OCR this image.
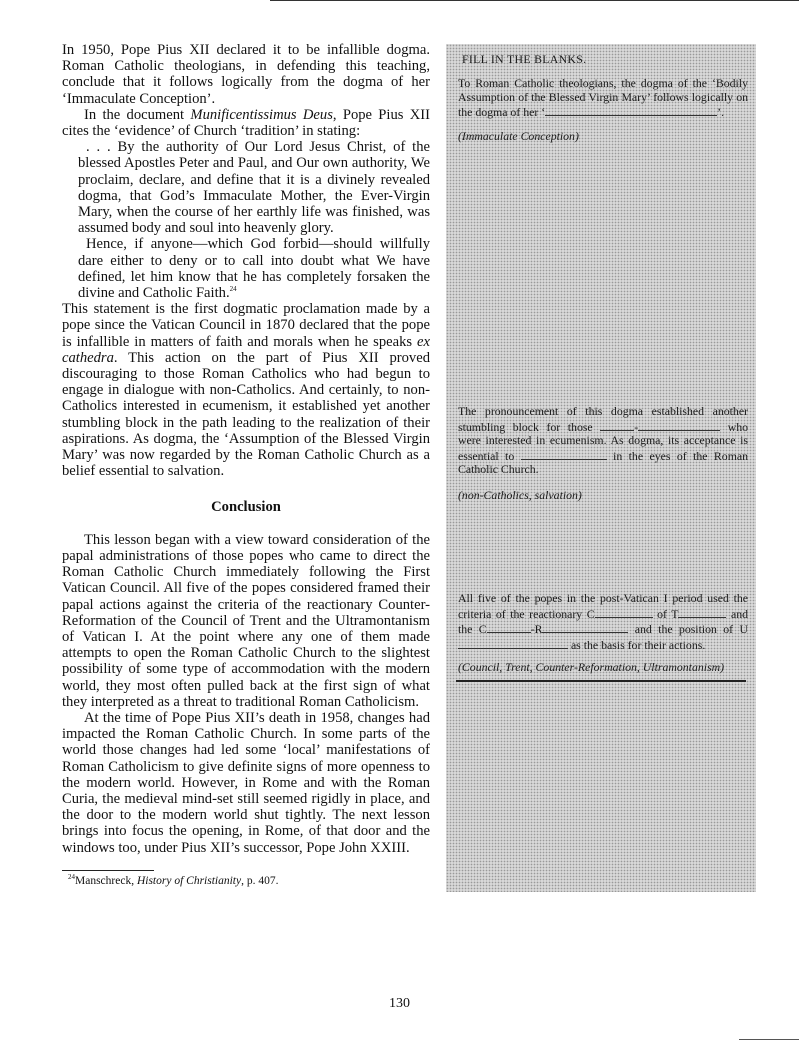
In 1950, Pope Pius XII declared it to be infallible dogma. Roman Catholic theologians, in defending this teaching, conclude that it follows logically from the dogma of her ‘Immaculate Conception’.

In the document Munificentissimus Deus, Pope Pius XII cites the ‘evidence’ of Church ‘tradition’ in stating:

. . . By the authority of Our Lord Jesus Christ, of the blessed Apostles Peter and Paul, and Our own authority, We proclaim, declare, and define that it is a divinely revealed dogma, that God’s Immaculate Mother, the Ever-Virgin Mary, when the course of her earthly life was finished, was assumed body and soul into heavenly glory.

Hence, if anyone—which God forbid—should willfully dare either to deny or to call into doubt what We have defined, let him know that he has completely forsaken the divine and Catholic Faith.$^{24}$

This statement is the first dogmatic proclamation made by a pope since the Vatican Council in 1870 declared that the pope is infallible in matters of faith and morals when he speaks ex cathedra. This action on the part of Pius XII proved discouraging to those Roman Catholics who had begun to engage in dialogue with non-Catholics. And certainly, to non-Catholics interested in ecumenism, it established yet another stumbling block in the path leading to the realization of their aspirations. As dogma, the ‘Assumption of the Blessed Virgin Mary’ was now regarded by the Roman Catholic Church as a belief essential to salvation.

Conclusion

This lesson began with a view toward consideration of the papal administrations of those popes who came to direct the Roman Catholic Church immediately following the First Vatican Council. All five of the popes considered framed their papal actions against the criteria of the reactionary Counter-Reformation of the Council of Trent and the Ultramontanism of Vatican I. At the point where any one of them made attempts to open the Roman Catholic Church to the slightest possibility of some type of accommodation with the modern world, they most often pulled back at the first sign of what they interpreted as a threat to traditional Roman Catholicism.

At the time of Pope Pius XII’s death in 1958, changes had impacted the Roman Catholic Church. In some parts of the world those changes had led some ‘local’ manifestations of Roman Catholicism to give definite signs of more openness to the modern world. However, in Rome and with the Roman Curia, the medieval mind-set still seemed rigidly in place, and the door to the modern world shut tightly. The next lesson brings into focus the opening, in Rome, of that door and the windows too, under Pius XII’s successor, Pope John XXIII.

$^{24}$Manschreck, History of Christianity, p. 407.

FILL IN THE BLANKS.
To Roman Catholic theologians, the dogma of the ‘Bodily Assumption of the Blessed Virgin Mary’ follows logically on the dogma of her ‘	’.
(Immaculate Conception)
The pronouncement of this dogma established another stumbling block for those	-	who were interested in ecumenism. As dogma, its acceptance is essential to	in the eyes of the Roman Catholic Church.
(non-Catholics, salvation)
All five of the popes in the post-Vatican I period used the criteria of the reactionary C	of T	and the C	-R	and the position of U as the basis for their actions.
(Council, Trent, Counter-Reformation, Ultramontanism)
130
